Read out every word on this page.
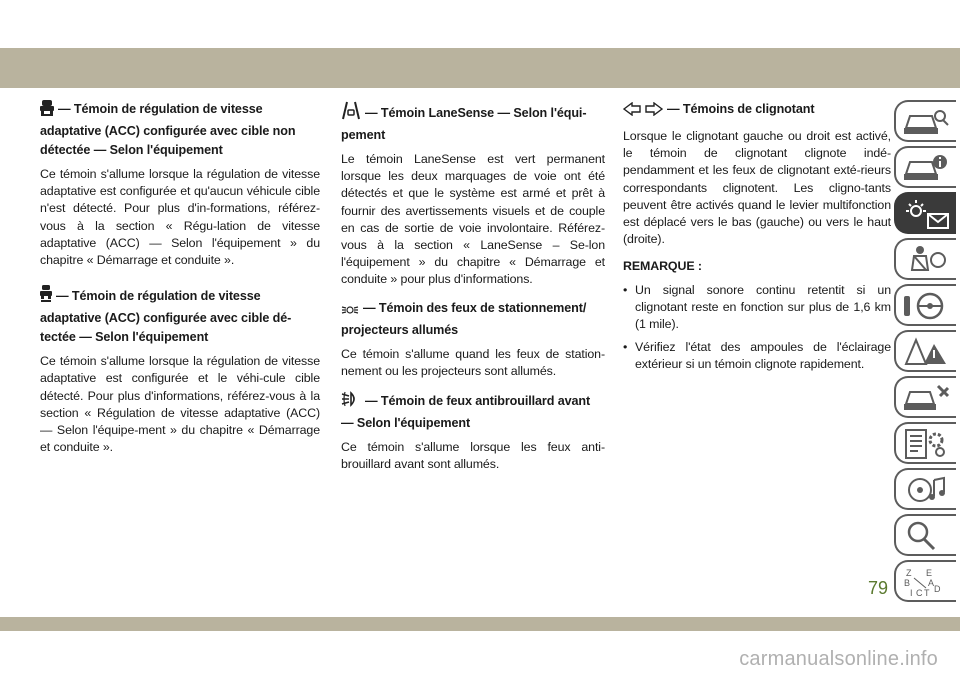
— Témoin de régulation de vitesse adaptative (ACC) configurée avec cible non détectée — Selon l'équipement

Ce témoin s'allume lorsque la régulation de vitesse adaptative est configurée et qu'aucun véhicule cible n'est détecté. Pour plus d'in-formations, référez-vous à la section « Régu-lation de vitesse adaptative (ACC) — Selon l'équipement » du chapitre « Démarrage et conduite ».

— Témoin de régulation de vitesse adaptative (ACC) configurée avec cible dé-tectée — Selon l'équipement

Ce témoin s'allume lorsque la régulation de vitesse adaptative est configurée et le véhi-cule cible détecté. Pour plus d'informations, référez-vous à la section « Régulation de vitesse adaptative (ACC) — Selon l'équipe-ment » du chapitre « Démarrage et conduite ».

— Témoin LaneSense — Selon l'équi-pement

Le témoin LaneSense est vert permanent lorsque les deux marquages de voie ont été détectés et que le système est armé et prêt à fournir des avertissements visuels et de couple en cas de sortie de voie involontaire. Référez-vous à la section « LaneSense – Se-lon l'équipement » du chapitre « Démarrage et conduite » pour plus d'informations.

— Témoin des feux de stationnement/ projecteurs allumés

Ce témoin s'allume quand les feux de station-nement ou les projecteurs sont allumés.

— Témoin de feux antibrouillard avant — Selon l'équipement

Ce témoin s'allume lorsque les feux anti-brouillard avant sont allumés.

— Témoins de clignotant

Lorsque le clignotant gauche ou droit est activé, le témoin de clignotant clignote indé-pendamment et les feux de clignotant exté-rieurs correspondants clignotent. Les cligno-tants peuvent être activés quand le levier multifonction est déplacé vers le bas (gauche) ou vers le haut (droite).

REMARQUE :
• Un signal sonore continu retentit si un clignotant reste en fonction sur plus de 1,6 km (1 mile).
• Vérifiez l'état des ampoules de l'éclairage extérieur si un témoin clignote rapidement.
Z E
B A
I C T D
79
carmanualsonline.info
